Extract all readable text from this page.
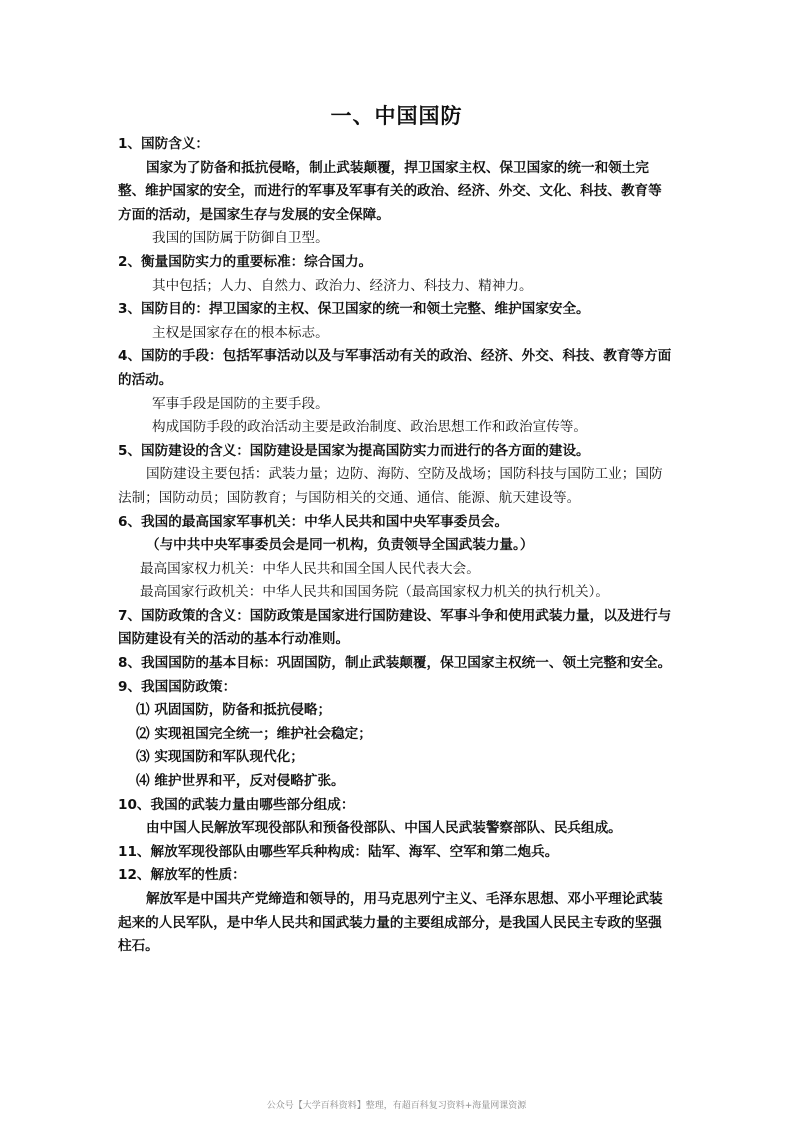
一、中国国防

1、国防含义：

国家为了防备和抵抗侵略，制止武装颠覆，捍卫国家主权、保卫国家的统一和领土完整、维护国家的安全，而进行的军事及军事有关的政治、经济、外交、文化、科技、教育等方面的活动，是国家生存与发展的安全保障。

我国的国防属于防御自卫型。

2、衡量国防实力的重要标准：综合国力。

其中包括；人力、自然力、政治力、经济力、科技力、精神力。

3、国防目的：捍卫国家的主权、保卫国家的统一和领土完整、维护国家安全。

主权是国家存在的根本标志。

4、国防的手段：包括军事活动以及与军事活动有关的政治、经济、外交、科技、教育等方面的活动。

军事手段是国防的主要手段。

构成国防手段的政治活动主要是政治制度、政治思想工作和政治宣传等。

5、国防建设的含义：国防建设是国家为提高国防实力而进行的各方面的建设。

国防建设主要包括：武装力量；边防、海防、空防及战场；国防科技与国防工业；国防法制；国防动员；国防教育；与国防相关的交通、通信、能源、航天建设等。

6、我国的最高国家军事机关：中华人民共和国中央军事委员会。

（与中共中央军事委员会是同一机构，负责领导全国武装力量。）

最高国家权力机关：中华人民共和国全国人民代表大会。

最高国家行政机关：中华人民共和国国务院（最高国家权力机关的执行机关）。

7、国防政策的含义：国防政策是国家进行国防建设、军事斗争和使用武装力量，以及进行与国防建设有关的活动的基本行动准则。

8、我国国防的基本目标：巩固国防，制止武装颠覆，保卫国家主权统一、领土完整和安全。

9、我国国防政策：

⑴ 巩固国防，防备和抵抗侵略；

⑵ 实现祖国完全统一；维护社会稳定；

⑶ 实现国防和军队现代化；

⑷ 维护世界和平，反对侵略扩张。

10、我国的武装力量由哪些部分组成：

由中国人民解放军现役部队和预备役部队、中国人民武装警察部队、民兵组成。

11、解放军现役部队由哪些军兵种构成：陆军、海军、空军和第二炮兵。

12、解放军的性质：

解放军是中国共产党缔造和领导的，用马克思列宁主义、毛泽东思想、邓小平理论武装起来的人民军队，是中华人民共和国武装力量的主要组成部分，是我国人民民主专政的坚强柱石。

公众号【大学百科资料】整理，有超百科复习资料+海量网课资源
